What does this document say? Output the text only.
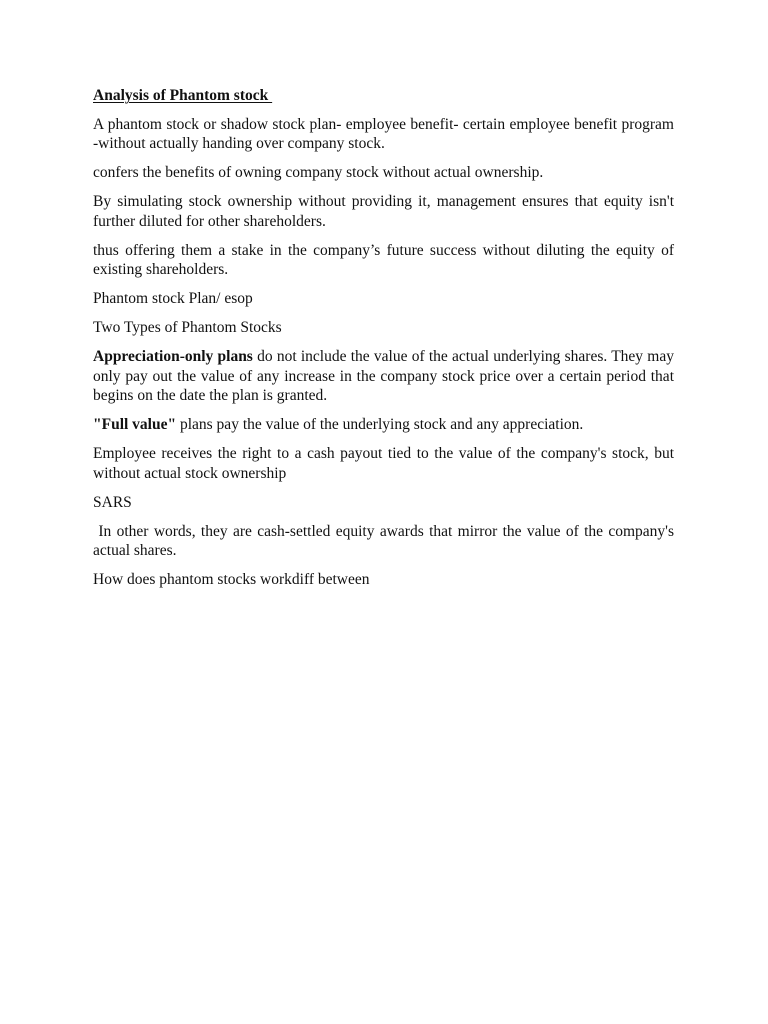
Analysis of Phantom stock

A phantom stock or shadow stock plan- employee benefit- certain employee benefit program -without actually handing over company stock.

confers the benefits of owning company stock without actual ownership.

By simulating stock ownership without providing it, management ensures that equity isn't further diluted for other shareholders.

thus offering them a stake in the company’s future success without diluting the equity of existing shareholders.

Phantom stock Plan/ esop

Two Types of Phantom Stocks

Appreciation-only plans do not include the value of the actual underlying shares. They may only pay out the value of any increase in the company stock price over a certain period that begins on the date the plan is granted.

"Full value" plans pay the value of the underlying stock and any appreciation.

Employee receives the right to a cash payout tied to the value of the company's stock, but without actual stock ownership

SARS

In other words, they are cash-settled equity awards that mirror the value of the company's actual shares.

How does phantom stocks workdiff between
